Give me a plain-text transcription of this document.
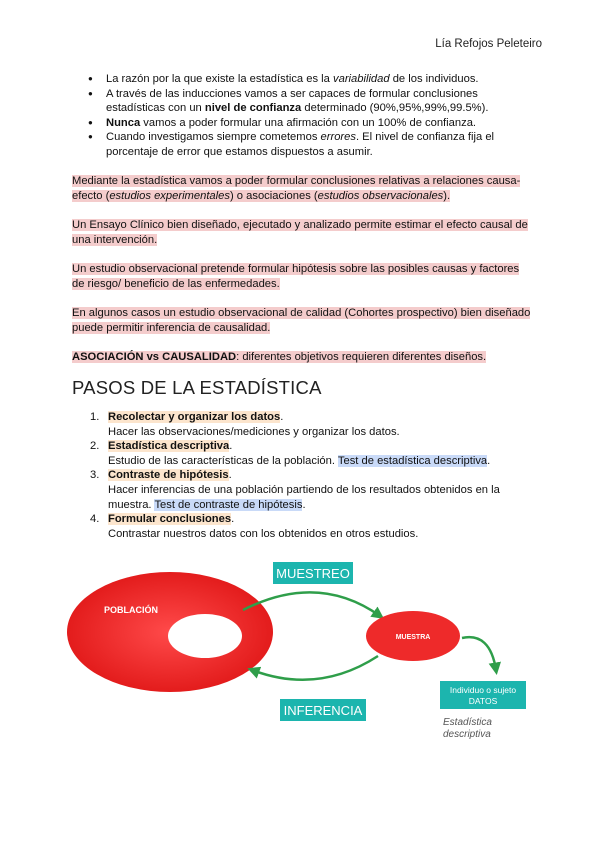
Lía Refojos Peleteiro
● La razón por la que existe la estadística es la variabilidad de los individuos.
● A través de las inducciones vamos a ser capaces de formular conclusiones estadísticas con un nivel de confianza determinado (90%,95%,99%,99.5%).
● Nunca vamos a poder formular una afirmación con un 100% de confianza.
● Cuando investigamos siempre cometemos errores. El nivel de confianza fija el porcentaje de error que estamos dispuestos a asumir.

Mediante la estadística vamos a poder formular conclusiones relativas a relaciones causa-efecto (estudios experimentales) o asociaciones (estudios observacionales).

Un Ensayo Clínico bien diseñado, ejecutado y analizado permite estimar el efecto causal de una intervención.

Un estudio observacional pretende formular hipótesis sobre las posibles causas y factores de riesgo/ beneficio de las enfermedades.

En algunos casos un estudio observacional de calidad (Cohortes prospectivo) bien diseñado puede permitir inferencia de causalidad.

ASOCIACIÓN vs CAUSALIDAD: diferentes objetivos requieren diferentes diseños.

PASOS DE LA ESTADÍSTICA
1. Recolectar y organizar los datos.
Hacer las observaciones/mediciones y organizar los datos.
2. Estadística descriptiva.
Estudio de las características de la población. Test de estadística descriptiva.
3. Contraste de hipótesis.
Hacer inferencias de una población partiendo de los resultados obtenidos en la muestra. Test de contraste de hipótesis.
4. Formular conclusiones.
Contrastar nuestros datos con los obtenidos en otros estudios.
MUESTREO
POBLACIÓN
MUESTRA
INFERENCIA
Individuo o sujeto
DATOS
Estadística
descriptiva
